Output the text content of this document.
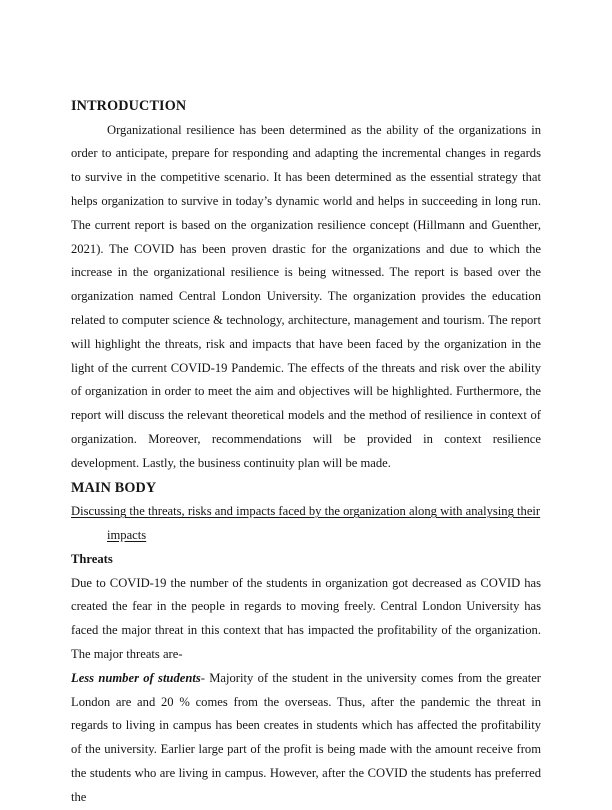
INTRODUCTION

Organizational resilience has been determined as the ability of the organizations in order to anticipate, prepare for responding and adapting the incremental changes in regards to survive in the competitive scenario. It has been determined as the essential strategy that helps organization to survive in today’s dynamic world and helps in succeeding in long run. The current report is based on the organization resilience concept (Hillmann and Guenther, 2021). The COVID has been proven drastic for the organizations and due to which the increase in the organizational resilience is being witnessed. The report is based over the organization named Central London University. The organization provides the education related to computer science & technology, architecture, management and tourism. The report will highlight the threats, risk and impacts that have been faced by the organization in the light of the current COVID-19 Pandemic. The effects of the threats and risk over the ability of organization in order to meet the aim and objectives will be highlighted. Furthermore, the report will discuss the relevant theoretical models and the method of resilience in context of organization. Moreover, recommendations will be provided in context resilience development. Lastly, the business continuity plan will be made.

MAIN BODY

Discussing the threats, risks and impacts faced by the organization along with analysing their
impacts

Threats

Due to COVID-19 the number of the students in organization got decreased as COVID has created the fear in the people in regards to moving freely. Central London University has faced the major threat in this context that has impacted the profitability of the organization. The major threats are-

Less number of students- Majority of the student in the university comes from the greater London are and 20 % comes from the overseas. Thus, after the pandemic the threat in regards to living in campus has been creates in students which has affected the profitability of the university. Earlier large part of the profit is being made with the amount receive from the students who are living in campus. However, after the COVID the students has preferred the
